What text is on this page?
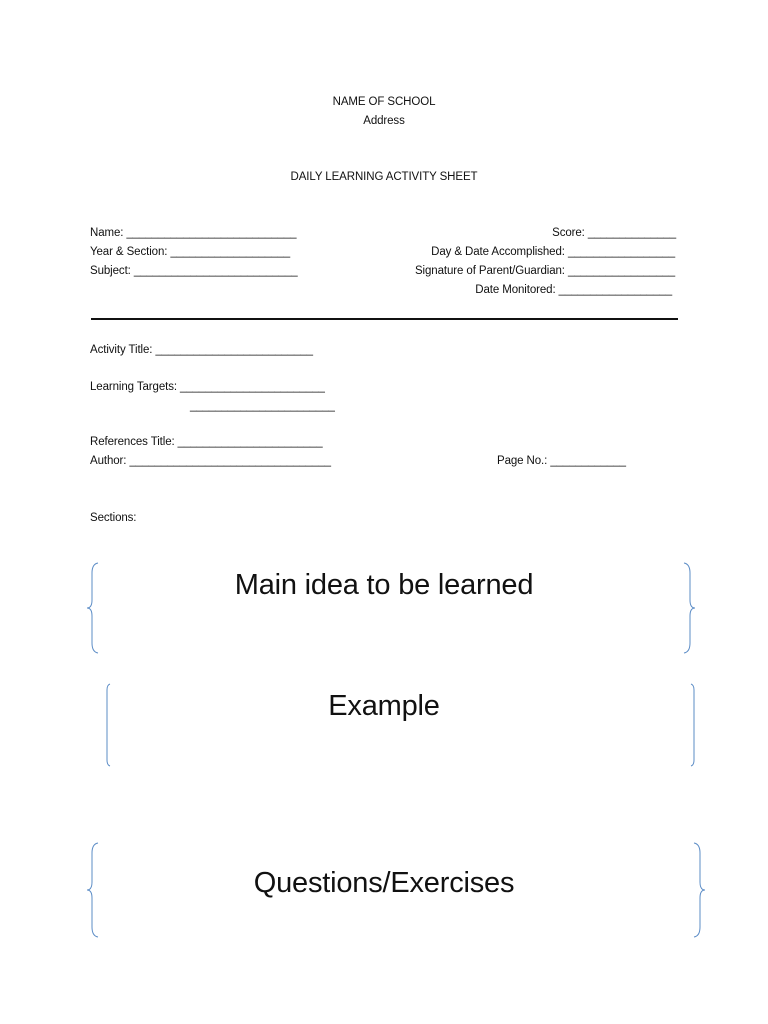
NAME OF SCHOOL
Address
DAILY LEARNING ACTIVITY SHEET
Name: ___________________________
Year & Section: ___________________
Subject: __________________________
Score: ______________
Day & Date Accomplished: _________________
Signature of Parent/Guardian: _________________
Date Monitored: __________________
Activity Title: _________________________
Learning Targets: _______________________
_______________________
References Title: _______________________
Author: ________________________________	Page No.: ____________
Sections:
Main idea to be learned
Example
Questions/Exercises
